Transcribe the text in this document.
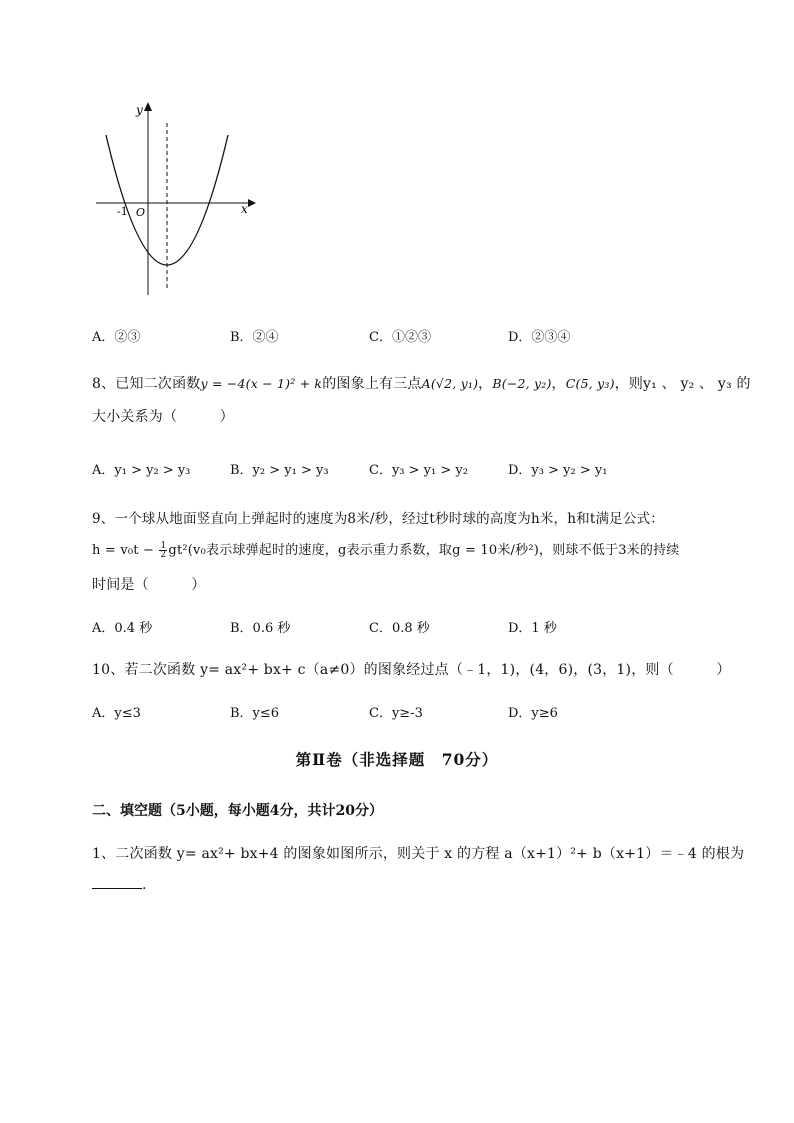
y
x
-1 O
A．②③	B．②④	C．①②③	D．②③④
8、已知二次函数y = −4(x − 1)² + k的图象上有三点A(√2, y₁)，B(−2, y₂)，C(5, y₃)，则y₁ 、 y₂ 、 y₃ 的
大小关系为（　　　）
A．y₁ > y₂ > y₃	B．y₂ > y₁ > y₃	C．y₃ > y₁ > y₂	D．y₃ > y₂ > y₁
9、一个球从地面竖直向上弹起时的速度为8米/秒，经过t秒时球的高度为h米，h和t满足公式：
$h = v_0t - \frac{1}{2} gt^2(v_0$表示球弹起时的速度，g表示重力系数，取g = 10米/秒²)，则球不低于3米的持续
时间是（　　　）
A．0.4 秒	B．0.6 秒	C．0.8 秒	D．1 秒
10、若二次函数 y= ax²+ bx+ c（a≠0）的图象经过点（﹣1，1)，(4，6)，(3，1)，则（　　　）
A．y≤3	B．y≤6	C．y≥-3	D．y≥6
第Ⅱ卷（非选择题　70分）
二、填空题（5小题，每小题4分，共计20分）
1、二次函数 y= ax²+ bx+4 的图象如图所示，则关于 x 的方程 a（x+1）²+ b（x+1）＝﹣4 的根为
.
